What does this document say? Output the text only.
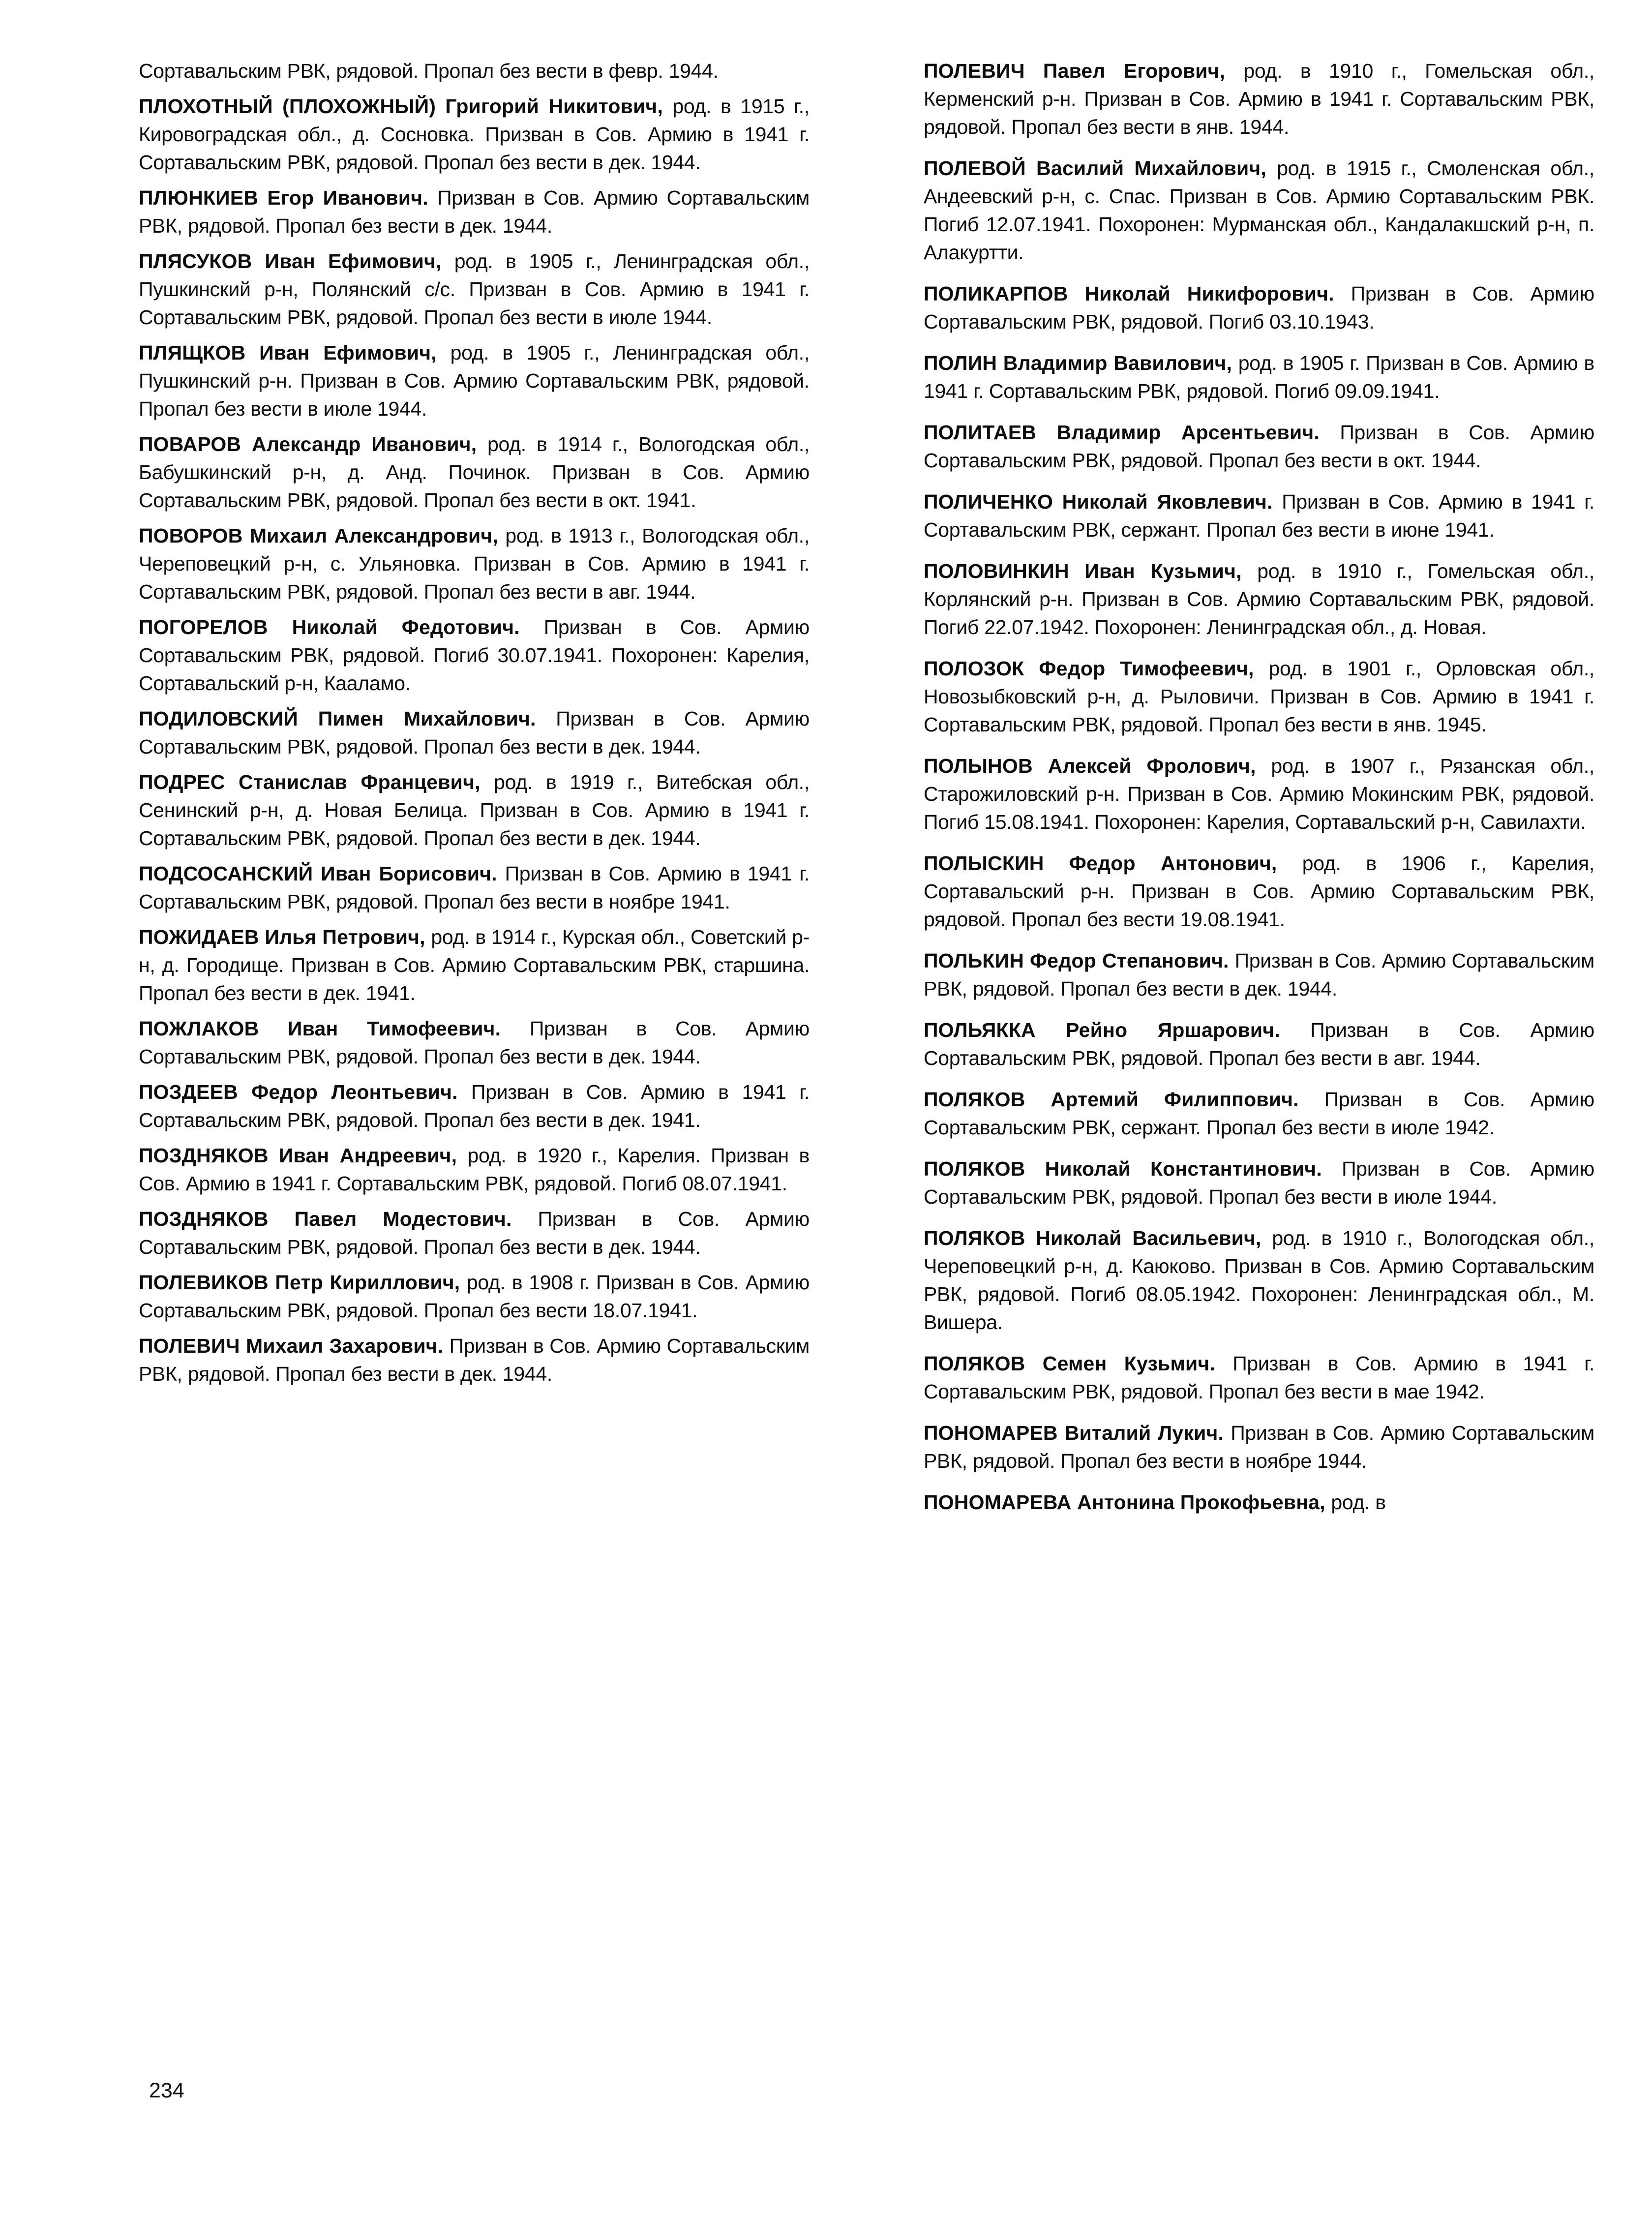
Сортавальским РВК, рядовой. Пропал без вести в февр. 1944.

ПЛОХОТНЫЙ (ПЛОХОЖНЫЙ) Григорий Никитович, род. в 1915 г., Кировоградская обл., д. Сосновка. Призван в Сов. Армию в 1941 г. Сортавальским РВК, рядовой. Пропал без вести в дек. 1944.

ПЛЮНКИЕВ Егор Иванович. Призван в Сов. Армию Сортавальским РВК, рядовой. Пропал без вести в дек. 1944.

ПЛЯСУКОВ Иван Ефимович, род. в 1905 г., Ленинградская обл., Пушкинский р-н, Полянский с/с. Призван в Сов. Армию в 1941 г. Сортавальским РВК, рядовой. Пропал без вести в июле 1944.

ПЛЯЩКОВ Иван Ефимович, род. в 1905 г., Ленинградская обл., Пушкинский р-н. Призван в Сов. Армию Сортавальским РВК, рядовой. Пропал без вести в июле 1944.

ПОВАРОВ Александр Иванович, род. в 1914 г., Вологодская обл., Бабушкинский р-н, д. Анд. Починок. Призван в Сов. Армию Сортавальским РВК, рядовой. Пропал без вести в окт. 1941.

ПОВОРОВ Михаил Александрович, род. в 1913 г., Вологодская обл., Череповецкий р-н, с. Ульяновка. Призван в Сов. Армию в 1941 г. Сортавальским РВК, рядовой. Пропал без вести в авг. 1944.

ПОГОРЕЛОВ Николай Федотович. Призван в Сов. Армию Сортавальским РВК, рядовой. Погиб 30.07.1941. Похоронен: Карелия, Сортавальский р-н, Кааламо.

ПОДИЛОВСКИЙ Пимен Михайлович. Призван в Сов. Армию Сортавальским РВК, рядовой. Пропал без вести в дек. 1944.

ПОДРЕС Станислав Францевич, род. в 1919 г., Витебская обл., Сенинский р-н, д. Новая Белица. Призван в Сов. Армию в 1941 г. Сортавальским РВК, рядовой. Пропал без вести в дек. 1944.

ПОДСОСАНСКИЙ Иван Борисович. Призван в Сов. Армию в 1941 г. Сортавальским РВК, рядовой. Пропал без вести в ноябре 1941.

ПОЖИДАЕВ Илья Петрович, род. в 1914 г., Курская обл., Советский р-н, д. Городище. Призван в Сов. Армию Сортавальским РВК, старшина. Пропал без вести в дек. 1941.

ПОЖЛАКОВ Иван Тимофеевич. Призван в Сов. Армию Сортавальским РВК, рядовой. Пропал без вести в дек. 1944.

ПОЗДЕЕВ Федор Леонтьевич. Призван в Сов. Армию в 1941 г. Сортавальским РВК, рядовой. Пропал без вести в дек. 1941.

ПОЗДНЯКОВ Иван Андреевич, род. в 1920 г., Карелия. Призван в Сов. Армию в 1941 г. Сортавальским РВК, рядовой. Погиб 08.07.1941.

ПОЗДНЯКОВ Павел Модестович. Призван в Сов. Армию Сортавальским РВК, рядовой. Пропал без вести в дек. 1944.

ПОЛЕВИКОВ Петр Кириллович, род. в 1908 г. Призван в Сов. Армию Сортавальским РВК, рядовой. Пропал без вести 18.07.1941.

ПОЛЕВИЧ Михаил Захарович. Призван в Сов. Армию Сортавальским РВК, рядовой. Пропал без вести в дек. 1944.

ПОЛЕВИЧ Павел Егорович, род. в 1910 г., Гомельская обл., Керменский р-н. Призван в Сов. Армию в 1941 г. Сортавальским РВК, рядовой. Пропал без вести в янв. 1944.

ПОЛЕВОЙ Василий Михайлович, род. в 1915 г., Смоленская обл., Андеевский р-н, с. Спас. Призван в Сов. Армию Сортавальским РВК. Погиб 12.07.1941. Похоронен: Мурманская обл., Кандалакшский р-н, п. Алакуртти.

ПОЛИКАРПОВ Николай Никифорович. Призван в Сов. Армию Сортавальским РВК, рядовой. Погиб 03.10.1943.

ПОЛИН Владимир Вавилович, род. в 1905 г. Призван в Сов. Армию в 1941 г. Сортавальским РВК, рядовой. Погиб 09.09.1941.

ПОЛИТАЕВ Владимир Арсентьевич. Призван в Сов. Армию Сортавальским РВК, рядовой. Пропал без вести в окт. 1944.

ПОЛИЧЕНКО Николай Яковлевич. Призван в Сов. Армию в 1941 г. Сортавальским РВК, сержант. Пропал без вести в июне 1941.

ПОЛОВИНКИН Иван Кузьмич, род. в 1910 г., Гомельская обл., Корлянский р-н. Призван в Сов. Армию Сортавальским РВК, рядовой. Погиб 22.07.1942. Похоронен: Ленинградская обл., д. Новая.

ПОЛОЗОК Федор Тимофеевич, род. в 1901 г., Орловская обл., Новозыбковский р-н, д. Рыловичи. Призван в Сов. Армию в 1941 г. Сортавальским РВК, рядовой. Пропал без вести в янв. 1945.

ПОЛЫНОВ Алексей Фролович, род. в 1907 г., Рязанская обл., Старожиловский р-н. Призван в Сов. Армию Мокинским РВК, рядовой. Погиб 15.08.1941. Похоронен: Карелия, Сортавальский р-н, Савилахти.

ПОЛЫСКИН Федор Антонович, род. в 1906 г., Карелия, Сортавальский р-н. Призван в Сов. Армию Сортавальским РВК, рядовой. Пропал без вести 19.08.1941.

ПОЛЬКИН Федор Степанович. Призван в Сов. Армию Сортавальским РВК, рядовой. Пропал без вести в дек. 1944.

ПОЛЬЯККА Рейно Яршарович. Призван в Сов. Армию Сортавальским РВК, рядовой. Пропал без вести в авг. 1944.

ПОЛЯКОВ Артемий Филиппович. Призван в Сов. Армию Сортавальским РВК, сержант. Пропал без вести в июле 1942.

ПОЛЯКОВ Николай Константинович. Призван в Сов. Армию Сортавальским РВК, рядовой. Пропал без вести в июле 1944.

ПОЛЯКОВ Николай Васильевич, род. в 1910 г., Вологодская обл., Череповецкий р-н, д. Каюково. Призван в Сов. Армию Сортавальским РВК, рядовой. Погиб 08.05.1942. Похоронен: Ленинградская обл., М. Вишера.

ПОЛЯКОВ Семен Кузьмич. Призван в Сов. Армию в 1941 г. Сортавальским РВК, рядовой. Пропал без вести в мае 1942.

ПОНОМАРЕВ Виталий Лукич. Призван в Сов. Армию Сортавальским РВК, рядовой. Пропал без вести в ноябре 1944.

ПОНОМАРЕВА Антонина Прокофьевна, род. в

234
